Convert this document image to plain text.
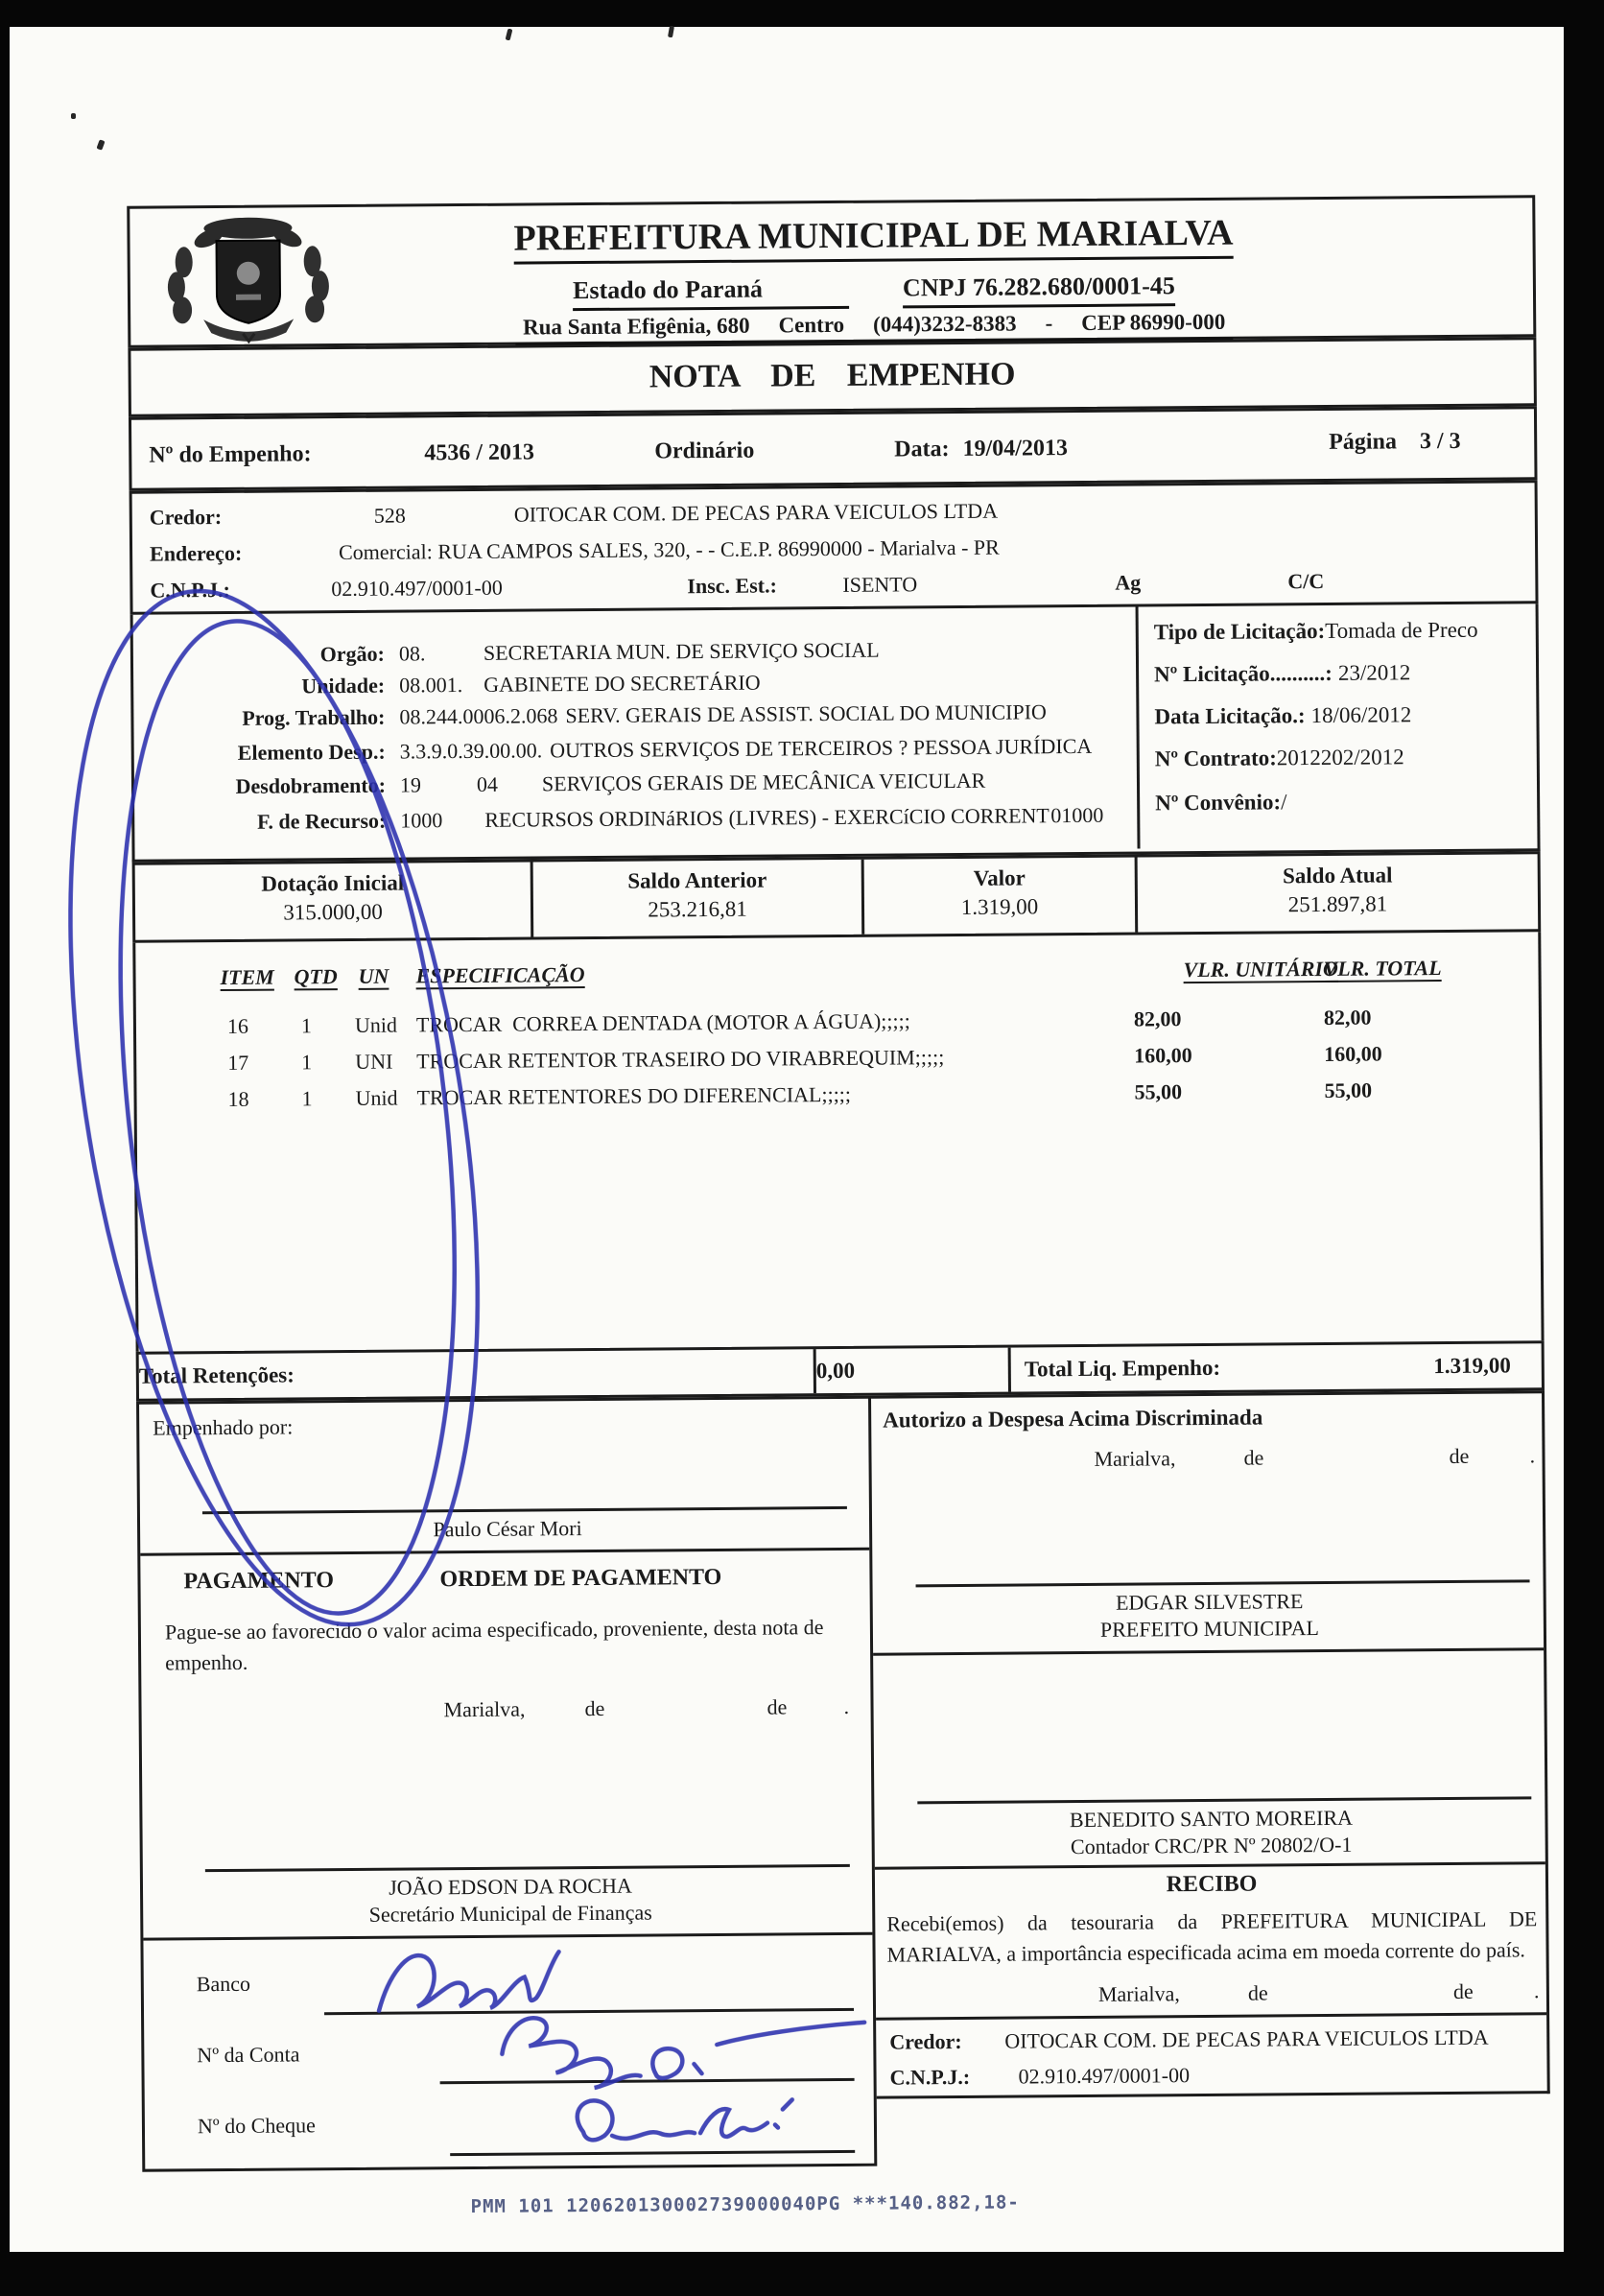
PREFEITURA MUNICIPAL DE MARIALVA
Estado do Paraná	CNPJ 76.282.680/0001-45
Rua Santa Efigênia, 680 Centro (044)3232-8383 - CEP 86990-000
NOTA DE EMPENHO
Nº do Empenho:	4536 / 2013	Ordinário	Data: 19/04/2013	Página 3 / 3
Credor:	528	OITOCAR COM. DE PECAS PARA VEICULOS LTDA
Endereço:	Comercial: RUA CAMPOS SALES, 320, - - C.E.P. 86990000 - Marialva - PR
C.N.P.J.:	02.910.497/0001-00	Insc. Est.:	ISENTO	Ag	C/C
Orgão: 08.	SECRETARIA MUN. DE SERVIÇO SOCIAL
Unidade: 08.001. GABINETE DO SECRETÁRIO
Prog. Trabalho: 08.244.0006.2.068 SERV. GERAIS DE ASSIST. SOCIAL DO MUNICIPIO
Elemento Desp.: 3.3.9.0.39.00.00. OUTROS SERVIÇOS DE TERCEIROS ? PESSOA JURÍDICA
Desdobramento: 19	04	SERVIÇOS GERAIS DE MECÂNICA VEICULAR
F. de Recurso: 1000	RECURSOS ORDINáRIOS (LIVRES) - EXERCíCIO CORRENT 01000
Tipo de Licitação:Tomada de Preco
Nº Licitação..........: 23/2012
Data Licitação.: 18/06/2012
Nº Contrato:2012202/2012
Nº Convênio:/
Dotação Inicial
315.000,00
Saldo Anterior
253.216,81
Valor
1.319,00
Saldo Atual
251.897,81
ITEM QTD UN ESPECIFICAÇÃO	VLR. UNITÁRIO
VLR. TOTAL
16 1 Unid TROCAR  CORREA DENTADA (MOTOR A ÁGUA);;;;;	82,00	82,00
17 1 UNI TROCAR RETENTOR TRASEIRO DO VIRABREQUIM;;;;;	160,00	160,00
18 1 Unid TROCAR RETENTORES DO DIFERENCIAL;;;;;	55,00	55,00
Total Retenções:	0,00	Total Liq. Empenho:	1.319,00
Empenhado por:
Paulo César Mori
PAGAMENTO	ORDEM DE PAGAMENTO
Pague-se ao favorecido o valor acima especificado, proveniente, desta nota de empenho.
Marialva,	de	de	.
JOÃO EDSON DA ROCHA
Secretário Municipal de Finanças
Banco
Nº da Conta
Nº do Cheque
Autorizo a Despesa Acima Discriminada
Marialva,	de	de	.
EDGAR SILVESTRE
PREFEITO MUNICIPAL
BENEDITO SANTO MOREIRA
Contador CRC/PR Nº 20802/O-1
RECIBO
Recebi(emos) da tesouraria da PREFEITURA MUNICIPAL DE MARIALVA, a importância especificada acima em moeda corrente do país.
Marialva,	de	de	.
Credor: OITOCAR COM. DE PECAS PARA VEICULOS LTDA
C.N.P.J.: 02.910.497/0001-00
PMM 101 120620130002739000040PG ***140.882,18-
